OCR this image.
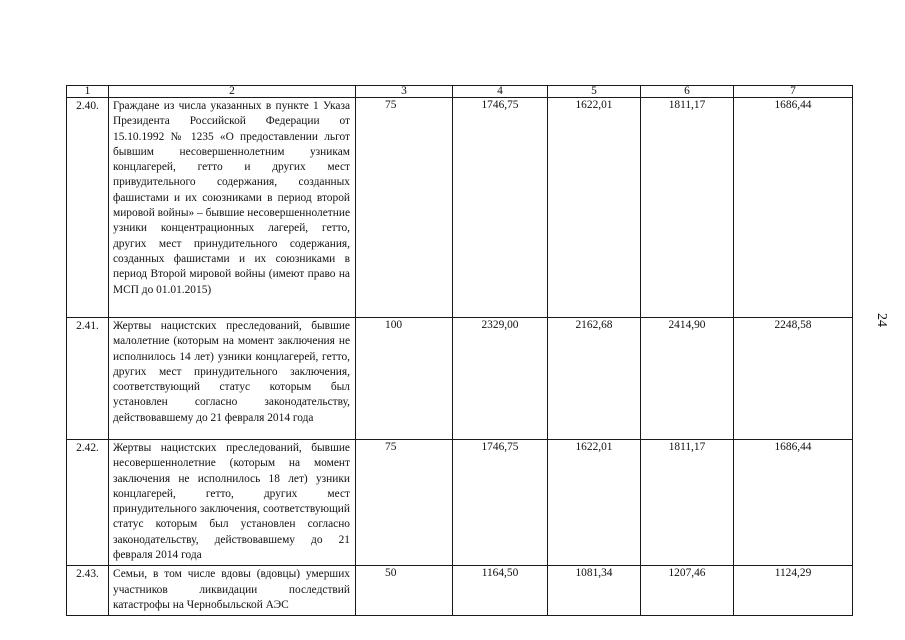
1	2	3	4	5	6	7
2.40.	Граждане из числа указанных в пункте 1 Указа Президента Российской Федерации от 15.10.1992 № 1235 «О предоставлении льгот бывшим несовершеннолетним узникам концлагерей, гетто и других мест привудительного содержания, созданных фашистами и их союзниками в период второй мировой войны» – бывшие несовершеннолетние узники концентрационных лагерей, гетто, других мест принудительного содержания, созданных фашистами и их союзниками в период Второй мировой войны (имеют право на МСП до 01.01.2015)	75	1746,75	1622,01	1811,17	1686,44
2.41.	Жертвы нацистских преследований, бывшие малолетние (которым на момент заключения не исполнилось 14 лет) узники концлагерей, гетто, других мест принудительного заключения, соответствующий статус которым был установлен согласно законодательству, действовавшему до 21 февраля 2014 года	100	2329,00	2162,68	2414,90	2248,58
2.42.	Жертвы нацистских преследований, бывшие несовершеннолетние (которым на момент заключения не исполнилось 18 лет) узники концлагерей, гетто, других мест принудительного заключения, соответствующий статус которым был установлен согласно законодательству, действовавшему до 21 февраля 2014 года	75	1746,75	1622,01	1811,17	1686,44
2.43.	Семьи, в том числе вдовы (вдовцы) умерших участников ликвидации последствий катастрофы на Чернобыльской АЭС	50	1164,50	1081,34	1207,46	1124,29
24
